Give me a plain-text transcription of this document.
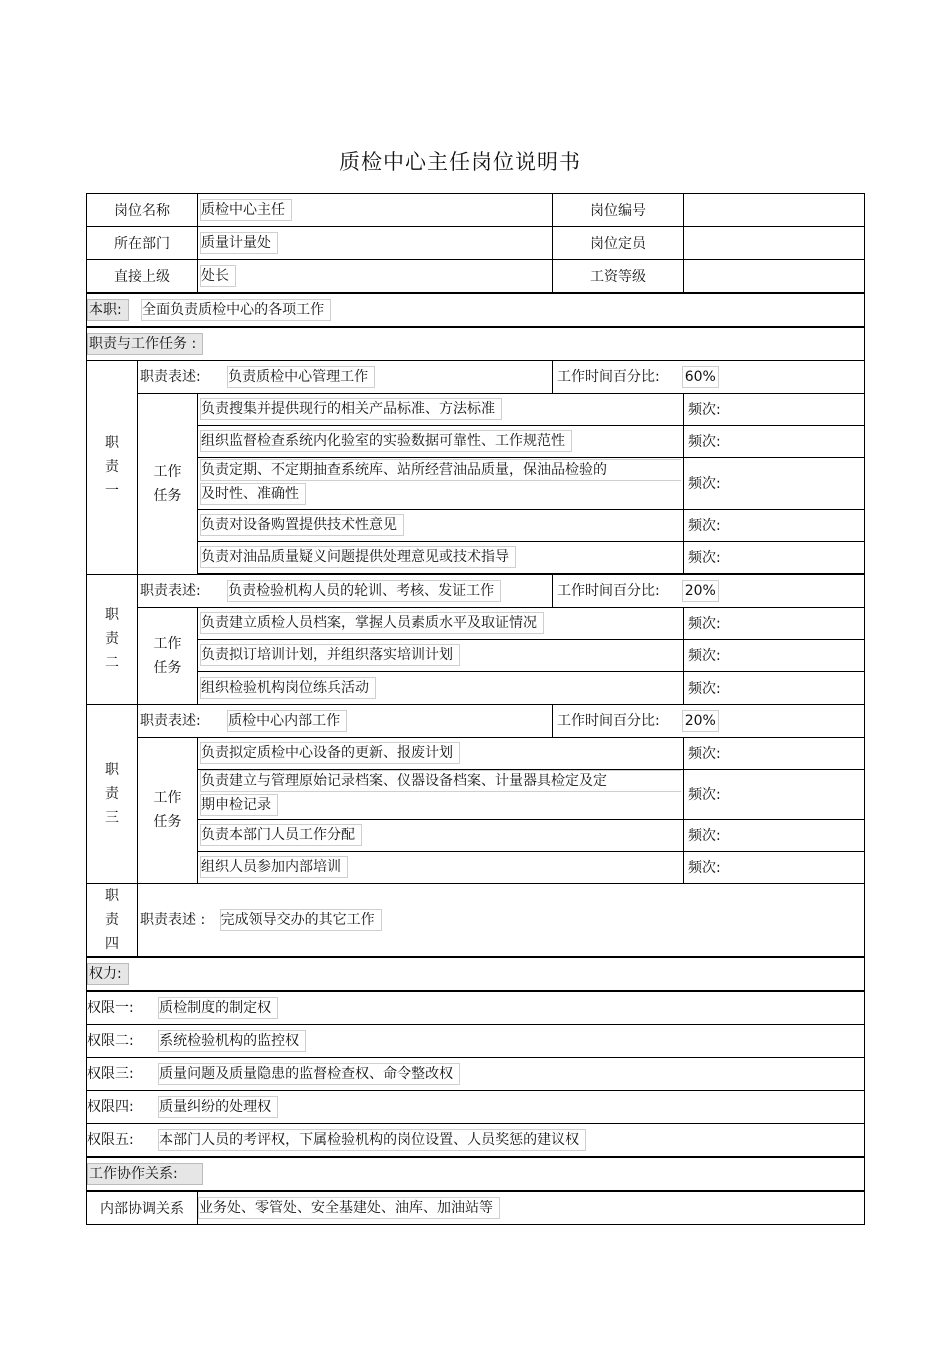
质检中心主任岗位说明书
岗位名称		质检中心主任	岗位编号	
所在部门		质量计量处	岗位定员	
直接上级		处长	工资等级	
本职: 全面负责质检中心的各项工作				
职责与工作任务 :				

职
责
一	职责表述: 负责质检中心管理工作		工作时间百分比: 60%	

	工作
任务	负责搜集并提供现行的相关产品标准、方法标准		频次:
		组织监督检查系统内化验室的实验数据可靠性、工作规范性		频次:

		负责定期、不定期抽查系统库、站所经营油品质量，保油品检验的
及时性、准确性		频次:
		负责对设备购置提供技术性意见		频次:
		负责对油品质量疑义问题提供处理意见或技术指导		频次:

职
责
二	职责表述: 负责检验机构人员的轮训、考核、发证工作		工作时间百分比: 20%	

	工作
任务	负责建立质检人员档案，掌握人员素质水平及取证情况		频次:
		负责拟订培训计划，并组织落实培训计划		频次:
		组织检验机构岗位练兵活动		频次:

职
责
三	职责表述: 质检中心内部工作		工作时间百分比: 20%	

	工作
任务	负责拟定质检中心设备的更新、报废计划		频次:

		负责建立与管理原始记录档案、仪器设备档案、计量器具检定及定
期申检记录		频次:
		负责本部门人员工作分配		频次:
		组织人员参加内部培训		频次:

职
责
四	职责表述 : 完成领导交办的其它工作			
权力:				
权限一: 质检制度的制定权				
权限二: 系统检验机构的监控权				
权限三: 质量问题及质量隐患的监督检查权、命令整改权				
权限四: 质量纠纷的处理权				
权限五: 本部门人员的考评权，下属检验机构的岗位设置、人员奖惩的建议权				
工作协作关系:				
内部协调关系		业务处、零管处、安全基建处、油库、加油站等		
